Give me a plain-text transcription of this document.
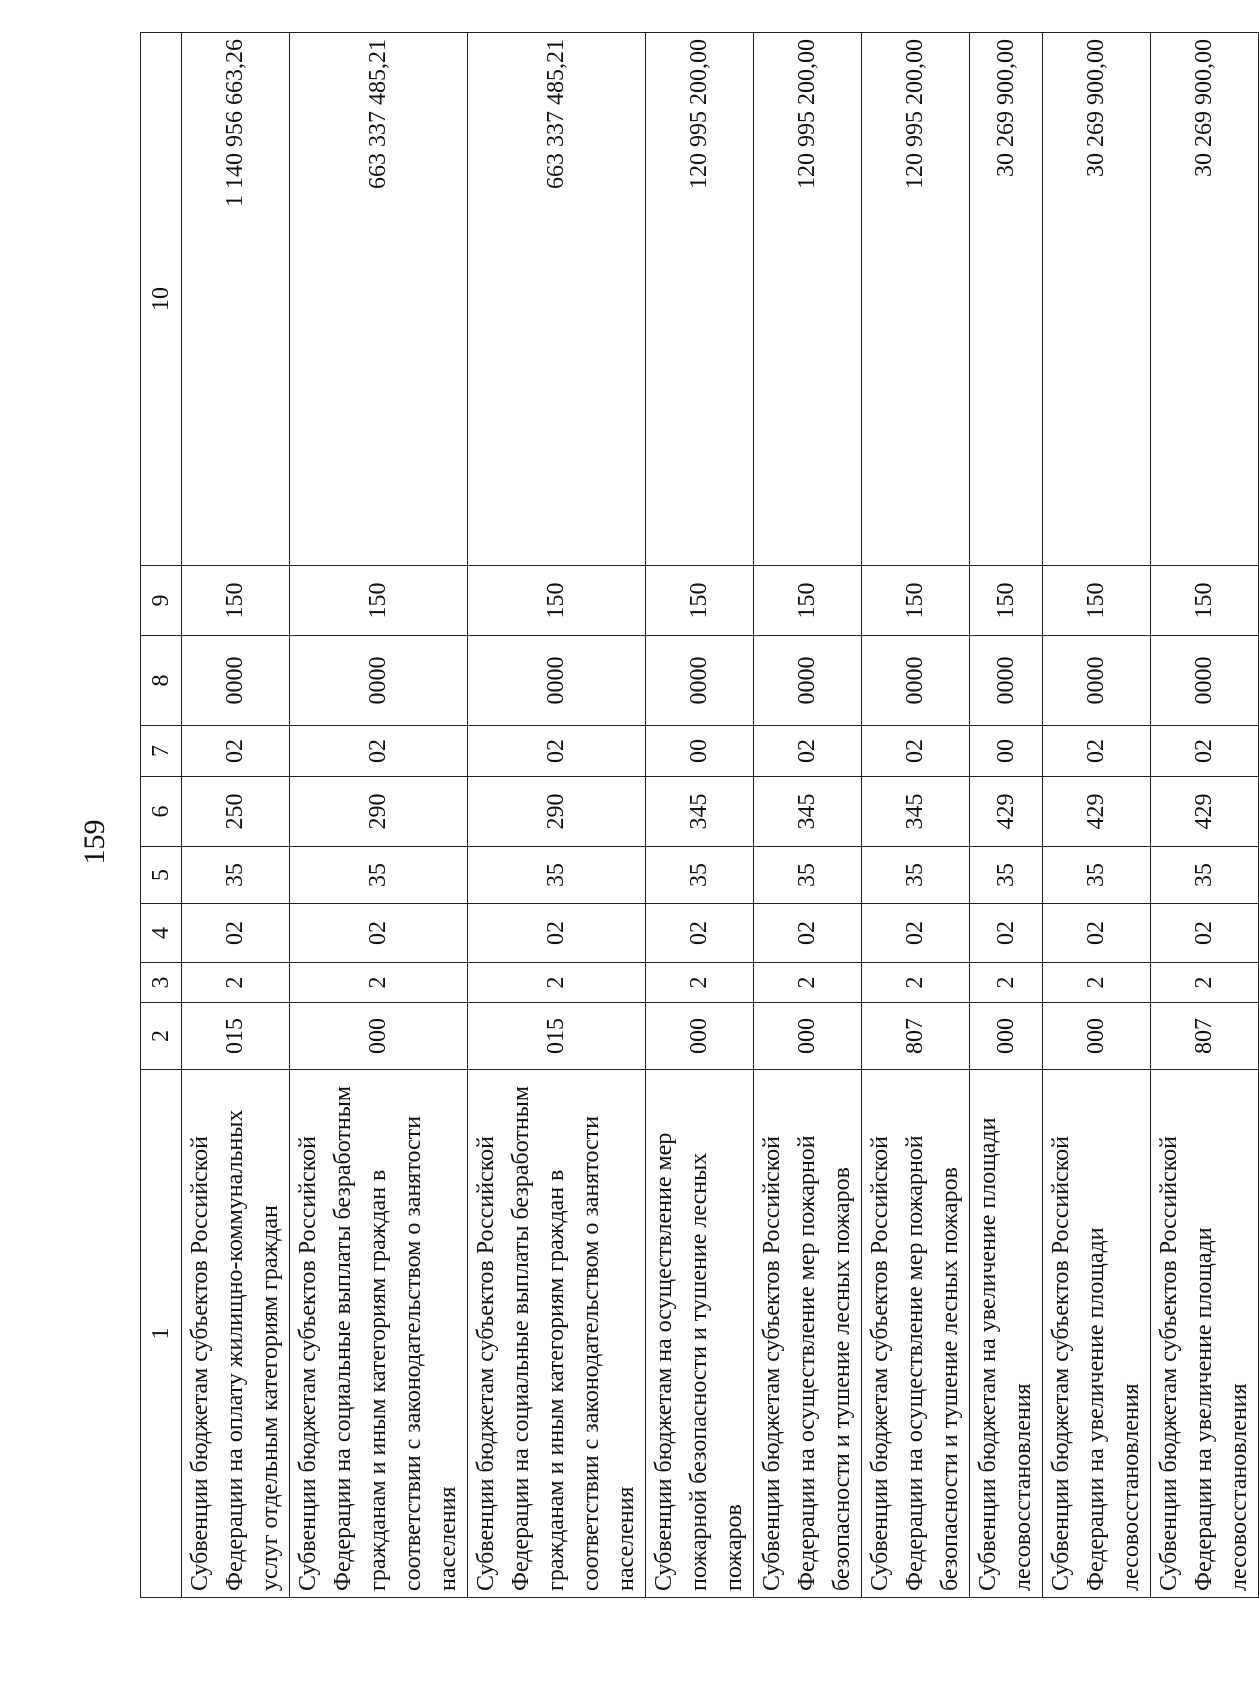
159
1	2	3	4	5	6	7	8	9	10
Субвенции бюджетам субъектов Российской Федерации на оплату жилищно-коммунальных услуг отдельным категориям граждан	015	2	02	35	250	02	0000	150	1 140 956 663,26
Субвенции бюджетам субъектов Российской Федерации на социальные выплаты безработным гражданам и иным категориям граждан в соответствии с законодательством о занятости населения	000	2	02	35	290	02	0000	150	663 337 485,21
Субвенции бюджетам субъектов Российской Федерации на социальные выплаты безработным гражданам и иным категориям граждан в соответствии с законодательством о занятости населения	015	2	02	35	290	02	0000	150	663 337 485,21
Субвенции бюджетам на осуществление мер пожарной безопасности и тушение лесных пожаров	000	2	02	35	345	00	0000	150	120 995 200,00
Субвенции бюджетам субъектов Российской Федерации на осуществление мер пожарной безопасности и тушение лесных пожаров	000	2	02	35	345	02	0000	150	120 995 200,00
Субвенции бюджетам субъектов Российской Федерации на осуществление мер пожарной безопасности и тушение лесных пожаров	807	2	02	35	345	02	0000	150	120 995 200,00
Субвенции бюджетам на увеличение площади лесовосстановления	000	2	02	35	429	00	0000	150	30 269 900,00
Субвенции бюджетам субъектов Российской Федерации на увеличение площади лесовосстановления	000	2	02	35	429	02	0000	150	30 269 900,00
Субвенции бюджетам субъектов Российской Федерации на увеличение площади лесовосстановления	807	2	02	35	429	02	0000	150	30 269 900,00
